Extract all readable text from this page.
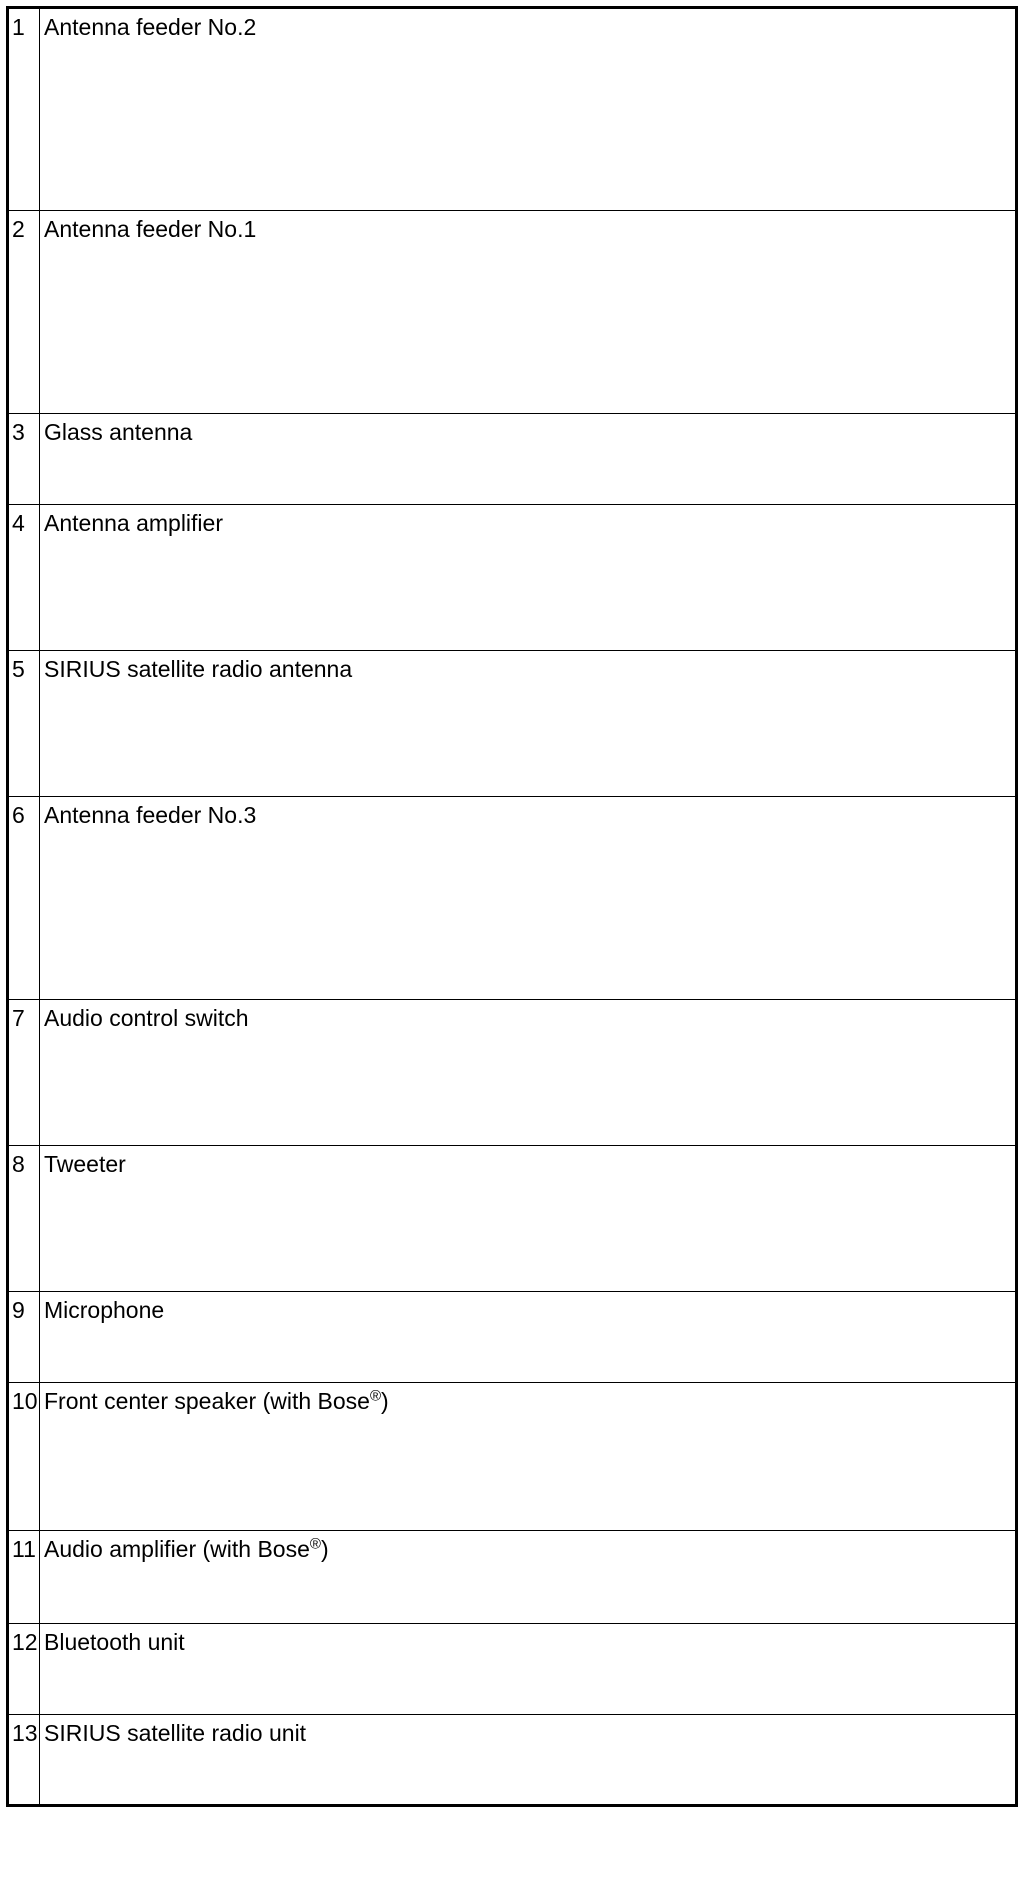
1	Antenna feeder No.2
2	Antenna feeder No.1
3	Glass antenna
4	Antenna amplifier
5	SIRIUS satellite radio antenna
6	Antenna feeder No.3
7	Audio control switch
8	Tweeter
9	Microphone
10	Front center speaker (with Bose®)
11	Audio amplifier (with Bose®)
12	Bluetooth unit
13	SIRIUS satellite radio unit
